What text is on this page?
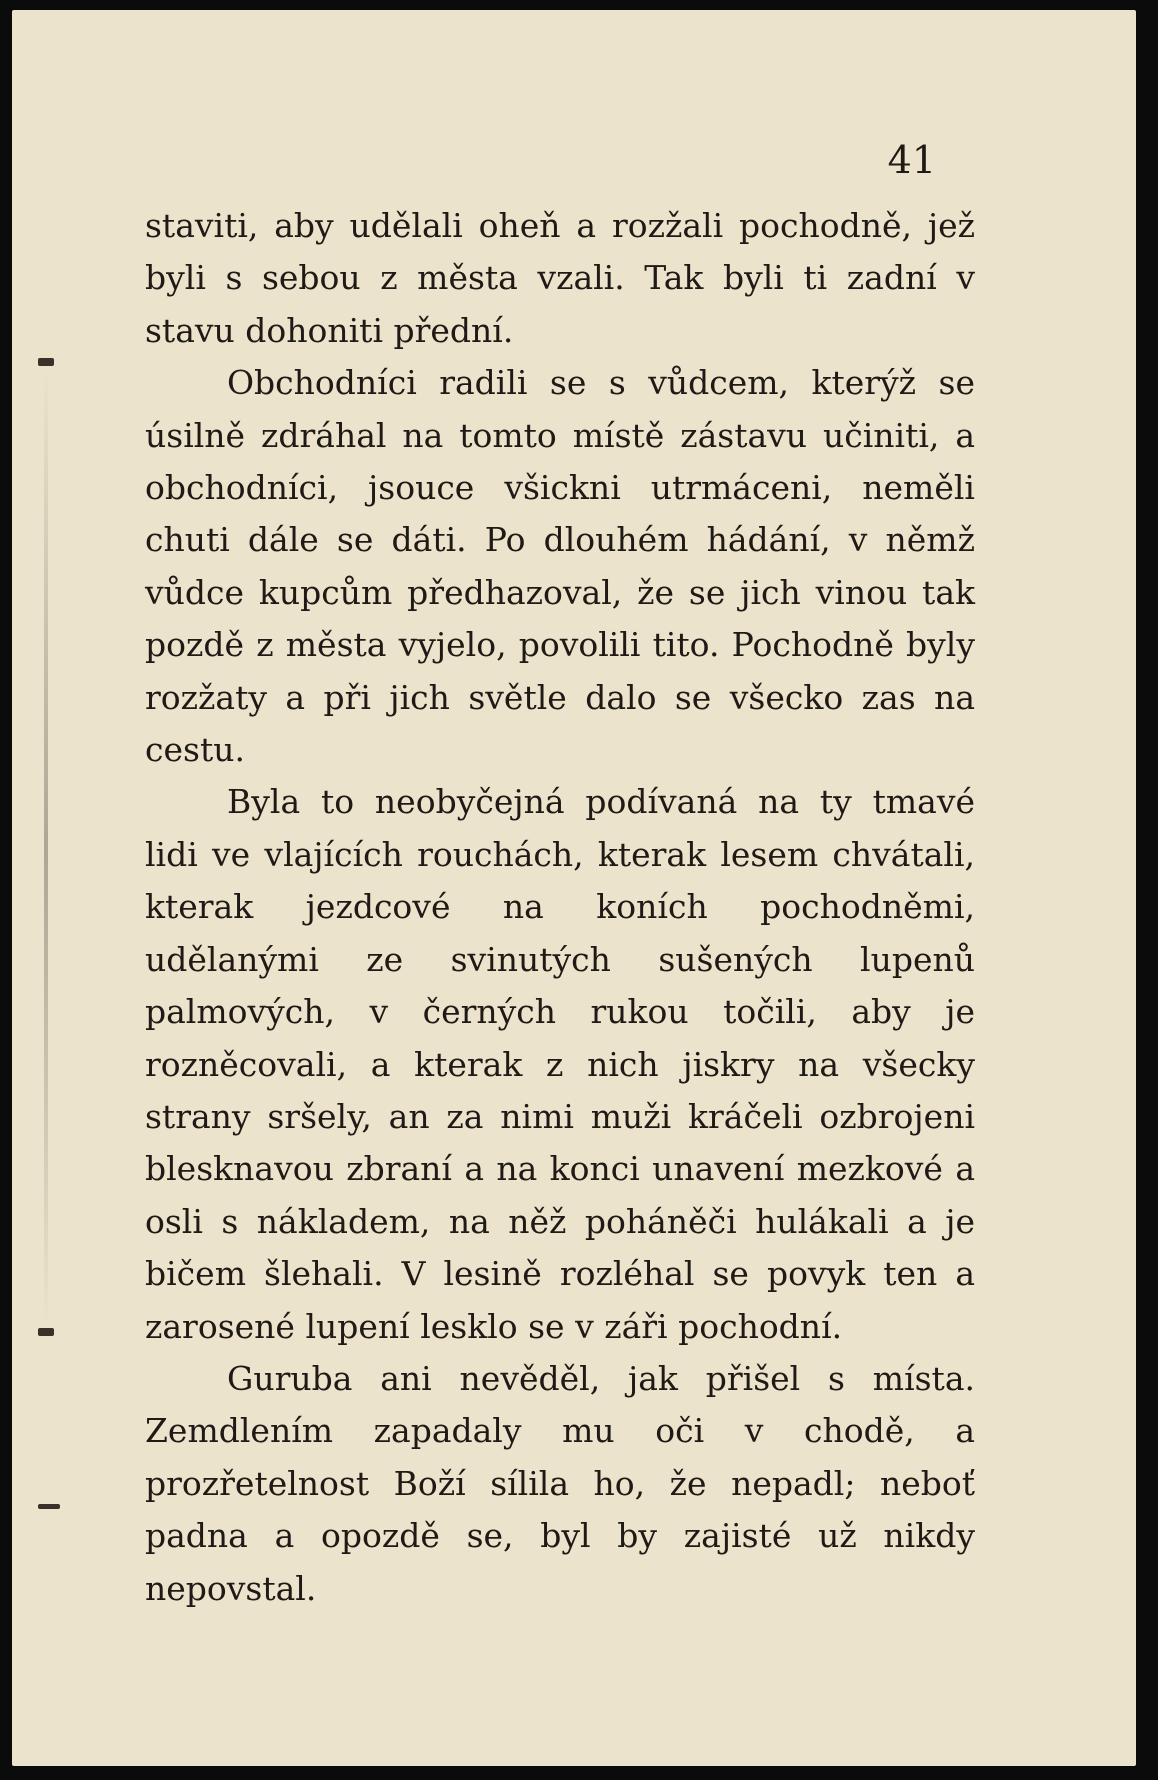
41

staviti, aby udělali oheň a rozžali pochodně, jež byli s sebou z města vzali. Tak byli ti zadní v stavu dohoniti přední.

Obchodníci radili se s vůdcem, kterýž se úsilně zdráhal na tomto místě zástavu učiniti, a obchodníci, jsouce všickni utrmáceni, neměli chuti dále se dáti. Po dlouhém hádání, v němž vůdce kupcům předhazoval, že se jich vinou tak pozdě z města vyjelo, povolili tito. Pochodně byly rozžaty a při jich světle dalo se všecko zas na cestu.

Byla to neobyčejná podívaná na ty tmavé lidi ve vlajících rouchách, kterak lesem chvátali, kterak jezdcové na koních pochodněmi, udělanými ze svinutých sušených lupenů palmových, v černých rukou točili, aby je rozněcovali, a kterak z nich jiskry na všecky strany sršely, an za nimi muži kráčeli ozbrojeni blesknavou zbraní a na konci unavení mezkové a osli s nákladem, na něž poháněči hulákali a je bičem šlehali. V lesině rozléhal se povyk ten a zarosené lupení lesklo se v záři pochodní.

Guruba ani nevěděl, jak přišel s místa. Zemdlením zapadaly mu oči v chodě, a prozřetelnost Boží sílila ho, že nepadl; neboť padna a opozdě se, byl by zajisté už nikdy nepovstal.
